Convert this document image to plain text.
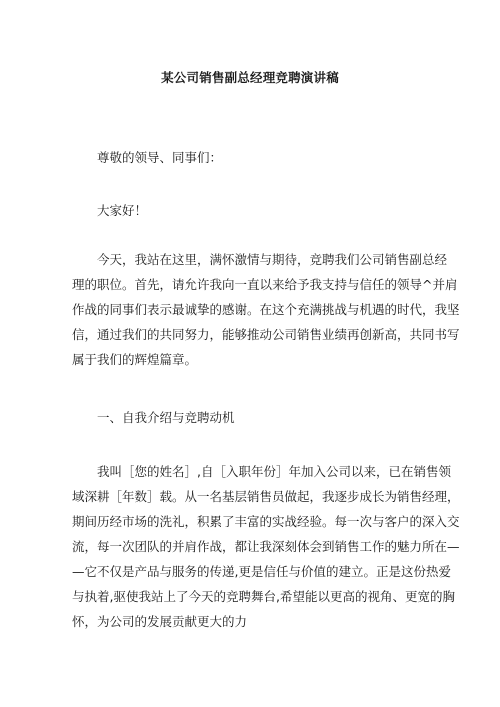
某公司销售副总经理竞聘演讲稿
尊敬的领导、同事们：
大家好！
今天，我站在这里，满怀激情与期待，竞聘我们公司销售副总经
理的职位。首先，请允许我向一直以来给予我支持与信任的领导^并肩
作战的同事们表示最诚挚的感谢。在这个充满挑战与机遇的时代，我坚
信，通过我们的共同努力，能够推动公司销售业绩再创新高，共同书写
属于我们的辉煌篇章。
一、自我介绍与竞聘动机
我叫［您的姓名］,自［入职年份］年加入公司以来，已在销售领
域深耕［年数］载。从一名基层销售员做起，我逐步成长为销售经理，
期间历经市场的洗礼，积累了丰富的实战经验。每一次与客户的深入交
流，每一次团队的并肩作战，都让我深刻体会到销售工作的魅力所在—
—它不仅是产品与服务的传递,更是信任与价值的建立。正是这份热爱
与执着,驱使我站上了今天的竞聘舞台,希望能以更高的视角、更宽的胸
怀，为公司的发展贡献更大的力
